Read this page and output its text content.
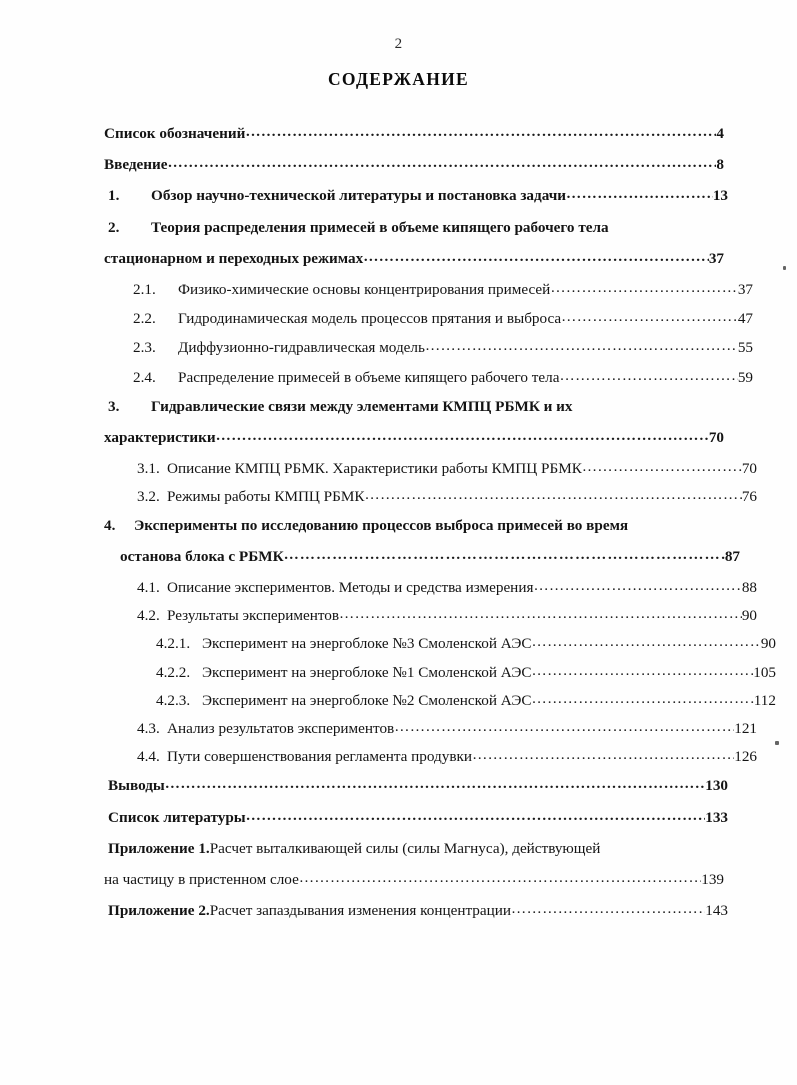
2
СОДЕРЖАНИЕ
Список обозначений ……………………………………………………………………………………………………………………………	4
Введение ……………………………………………………………………………………………………………………………	8
1.	Обзор научно-технической литературы и постановка задачи ……………………………………………………………………………………………………………………………	13
2.	Теория распределения примесей в объеме кипящего рабочего тела
стационарном и переходных режимах ……………………………………………………………………………………………………………………………	37
2.1.	Физико-химические основы концентрирования примесей ……………………………………………………………………………………………………………………………	37
2.2.	Гидродинамическая модель процессов прятания и выброса ……………………………………………………………………………………………………………………………	47
2.3.	Диффузионно-гидравлическая модель ……………………………………………………………………………………………………………………………	55
2.4.	Распределение примесей в объеме кипящего рабочего тела ……………………………………………………………………………………………………………………………	59
3.	Гидравлические связи между элементами КМПЦ РБМК и их
характеристики ……………………………………………………………………………………………………………………………	70
3.1. Описание КМПЦ РБМК. Характеристики работы КМПЦ РБМК ……………………………………………………………………………………………………………………………	70
3.2. Режимы работы КМПЦ РБМК ……………………………………………………………………………………………………………………………	76
4.	Эксперименты по исследованию процессов выброса примесей во время
останова блока с РБМК ……………………………………………………………………………………………………………………………	87
4.1. Описание экспериментов. Методы и средства измерения ……………………………………………………………………………………………………………………………	88
4.2. Результаты экспериментов ……………………………………………………………………………………………………………………………	90
4.2.1. Эксперимент на энергоблоке №3 Смоленской АЭС ……………………………………………………………………………………………………………………………	90
4.2.2. Эксперимент на энергоблоке №1 Смоленской АЭС ……………………………………………………………………………………………………………………………	105
4.2.3. Эксперимент на энергоблоке №2 Смоленской АЭС ……………………………………………………………………………………………………………………………	112
4.3. Анализ результатов экспериментов ……………………………………………………………………………………………………………………………	121
4.4. Пути совершенствования регламента продувки ……………………………………………………………………………………………………………………………	126
Выводы ……………………………………………………………………………………………………………………………	130
Список литературы ……………………………………………………………………………………………………………………………	133
Приложение 1. Расчет выталкивающей силы (силы Магнуса), действующей
на частицу в пристенном слое ……………………………………………………………………………………………………………………………	139
Приложение 2. Расчет запаздывания изменения концентрации ……………………………………………………………………………………………………………………………	143
